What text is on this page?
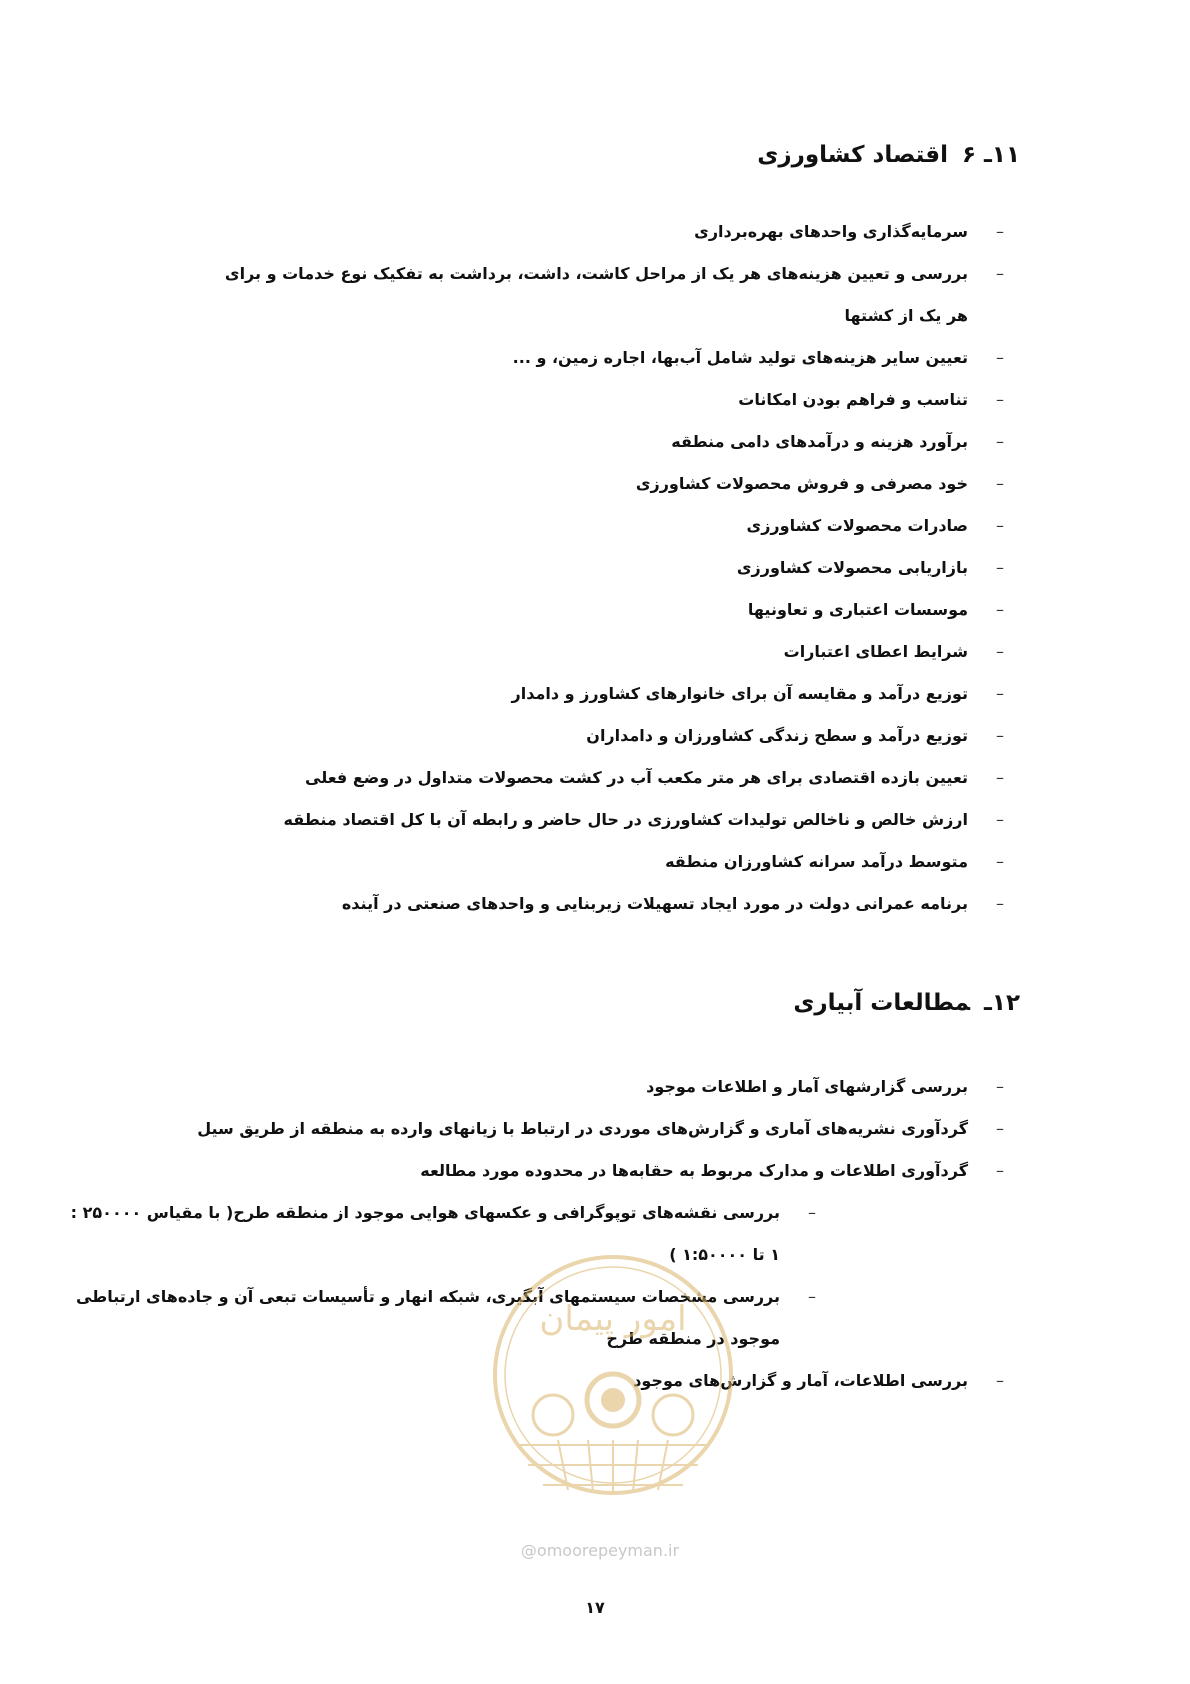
۱۱ـ ۶اقتصاد کشاورزی
–
سرمایه‌گذاری واحدهای بهره‌برداری
–
بررسی و تعیین هزینه‌های هر یک از مراحل کاشت، داشت، برداشت به تفکیک نوع خدمات و برای هر یک از کشتها
–
تعیین سایر هزینه‌های تولید شامل آب‌بها، اجاره زمین، و ...
–
تناسب و فراهم بودن امکانات
–
برآورد هزینه و درآمدهای دامی منطقه
–
خود مصرفی و فروش محصولات کشاورزی
–
صادرات محصولات کشاورزی
–
بازاریابی محصولات کشاورزی
–
موسسات اعتباری و تعاونیها
–
شرایط اعطای اعتبارات
–
توزیع درآمد و مقایسه آن برای خانوارهای کشاورز و دامدار
–
توزیع درآمد و سطح زندگی کشاورزان و دامداران
–
تعیین بازده اقتصادی برای هر متر مکعب آب در کشت محصولات متداول در وضع فعلی
–
ارزش خالص و ناخالص تولیدات کشاورزی در حال حاضر و رابطه آن با کل اقتصاد منطقه
–
متوسط درآمد سرانه کشاورزان منطقه
–
برنامه عمرانی دولت در مورد ایجاد تسهیلات زیربنایی و واحدهای صنعتی در آینده
۱۲ـمطالعات آبیاری
–
بررسی گزارشهای آمار و اطلاعات موجود
–
گردآوری نشریه‌های آماری و گزارش‌های موردی در ارتباط با زیانهای وارده به منطقه از طریق سیل
–
گردآوری اطلاعات و مدارک مربوط به حقابه‌ها در محدوده مورد مطالعه
–
بررسی نقشه‌های توپوگرافی و عکسهای هوایی موجود از منطقه طرح( با مقیاس ۲۵۰۰۰۰ : ۱ تا ۱:۵۰۰۰۰ )
–
بررسی مشخصات سیستمهای آبگیری، شبکه انهار و تأسیسات تبعی آن و جاده‌های ارتباطی موجود در منطقه طرح
–
بررسی اطلاعات، آمار و گزارش‌های موجود
امور پیمان
@omoorepeyman.ir
۱۷
